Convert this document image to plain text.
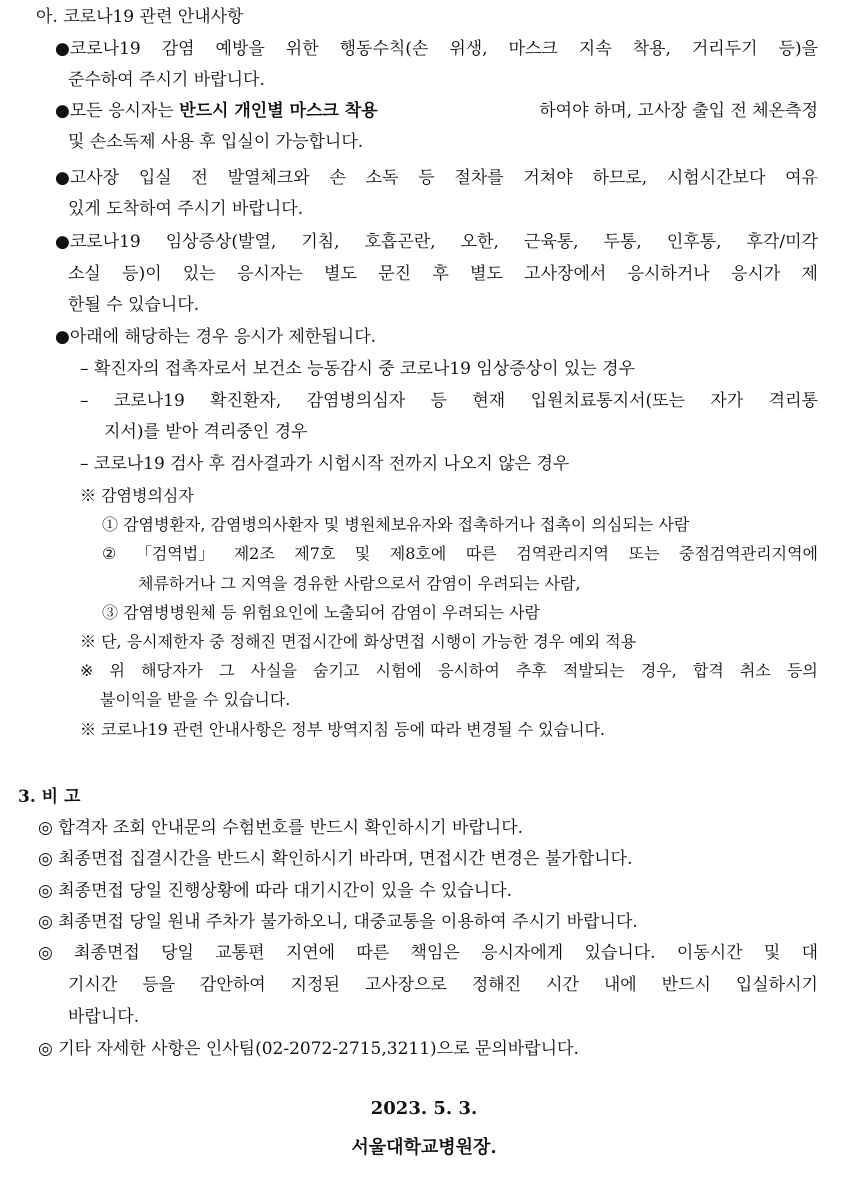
아. 코로나19 관련 안내사항
●코로나19 감염 예방을 위한 행동수칙(손 위생, 마스크 지속 착용, 거리두기 등)을
준수하여 주시기 바랍니다.
●모든 응시자는 반드시 개인별 마스크 착용	하여야 하며, 고사장 출입 전 체온측정
및 손소독제 사용 후 입실이 가능합니다.
●고사장 입실 전 발열체크와 손 소독 등 절차를 거쳐야 하므로, 시험시간보다 여유
있게 도착하여 주시기 바랍니다.
●코로나19 임상증상(발열, 기침, 호흡곤란, 오한, 근육통, 두통, 인후통, 후각/미각
소실 등)이 있는 응시자는 별도 문진 후 별도 고사장에서 응시하거나 응시가 제
한될 수 있습니다.
●아래에 해당하는 경우 응시가 제한됩니다.
– 확진자의 접촉자로서 보건소 능동감시 중 코로나19 임상증상이 있는 경우
– 코로나19 확진환자, 감염병의심자 등 현재 입원치료통지서(또는 자가 격리통
지서)를 받아 격리중인 경우
– 코로나19 검사 후 검사결과가 시험시작 전까지 나오지 않은 경우
※ 감염병의심자
① 감염병환자, 감염병의사환자 및 병원체보유자와 접촉하거나 접촉이 의심되는 사람
② 「검역법」 제2조 제7호 및 제8호에 따른 검역관리지역 또는 중점검역관리지역에
체류하거나 그 지역을 경유한 사람으로서 감염이 우려되는 사람,
③ 감염병병원체 등 위험요인에 노출되어 감염이 우려되는 사람
※ 단, 응시제한자 중 정해진 면접시간에 화상면접 시행이 가능한 경우 예외 적용
※ 위 해당자가 그 사실을 숨기고 시험에 응시하여 추후 적발되는 경우, 합격 취소 등의
불이익을 받을 수 있습니다.
※ 코로나19 관련 안내사항은 정부 방역지침 등에 따라 변경될 수 있습니다.
3. 비 고
◎ 합격자 조회 안내문의 수험번호를 반드시 확인하시기 바랍니다.
◎ 최종면접 집결시간을 반드시 확인하시기 바라며, 면접시간 변경은 불가합니다.
◎ 최종면접 당일 진행상황에 따라 대기시간이 있을 수 있습니다.
◎ 최종면접 당일 원내 주차가 불가하오니, 대중교통을 이용하여 주시기 바랍니다.
◎ 최종면접 당일 교통편 지연에 따른 책임은 응시자에게 있습니다. 이동시간 및 대
기시간 등을 감안하여 지정된 고사장으로 정해진 시간 내에 반드시 입실하시기
바랍니다.
◎ 기타 자세한 사항은 인사팀(02-2072-2715,3211)으로 문의바랍니다.
2023. 5. 3.
서울대학교병원장.
